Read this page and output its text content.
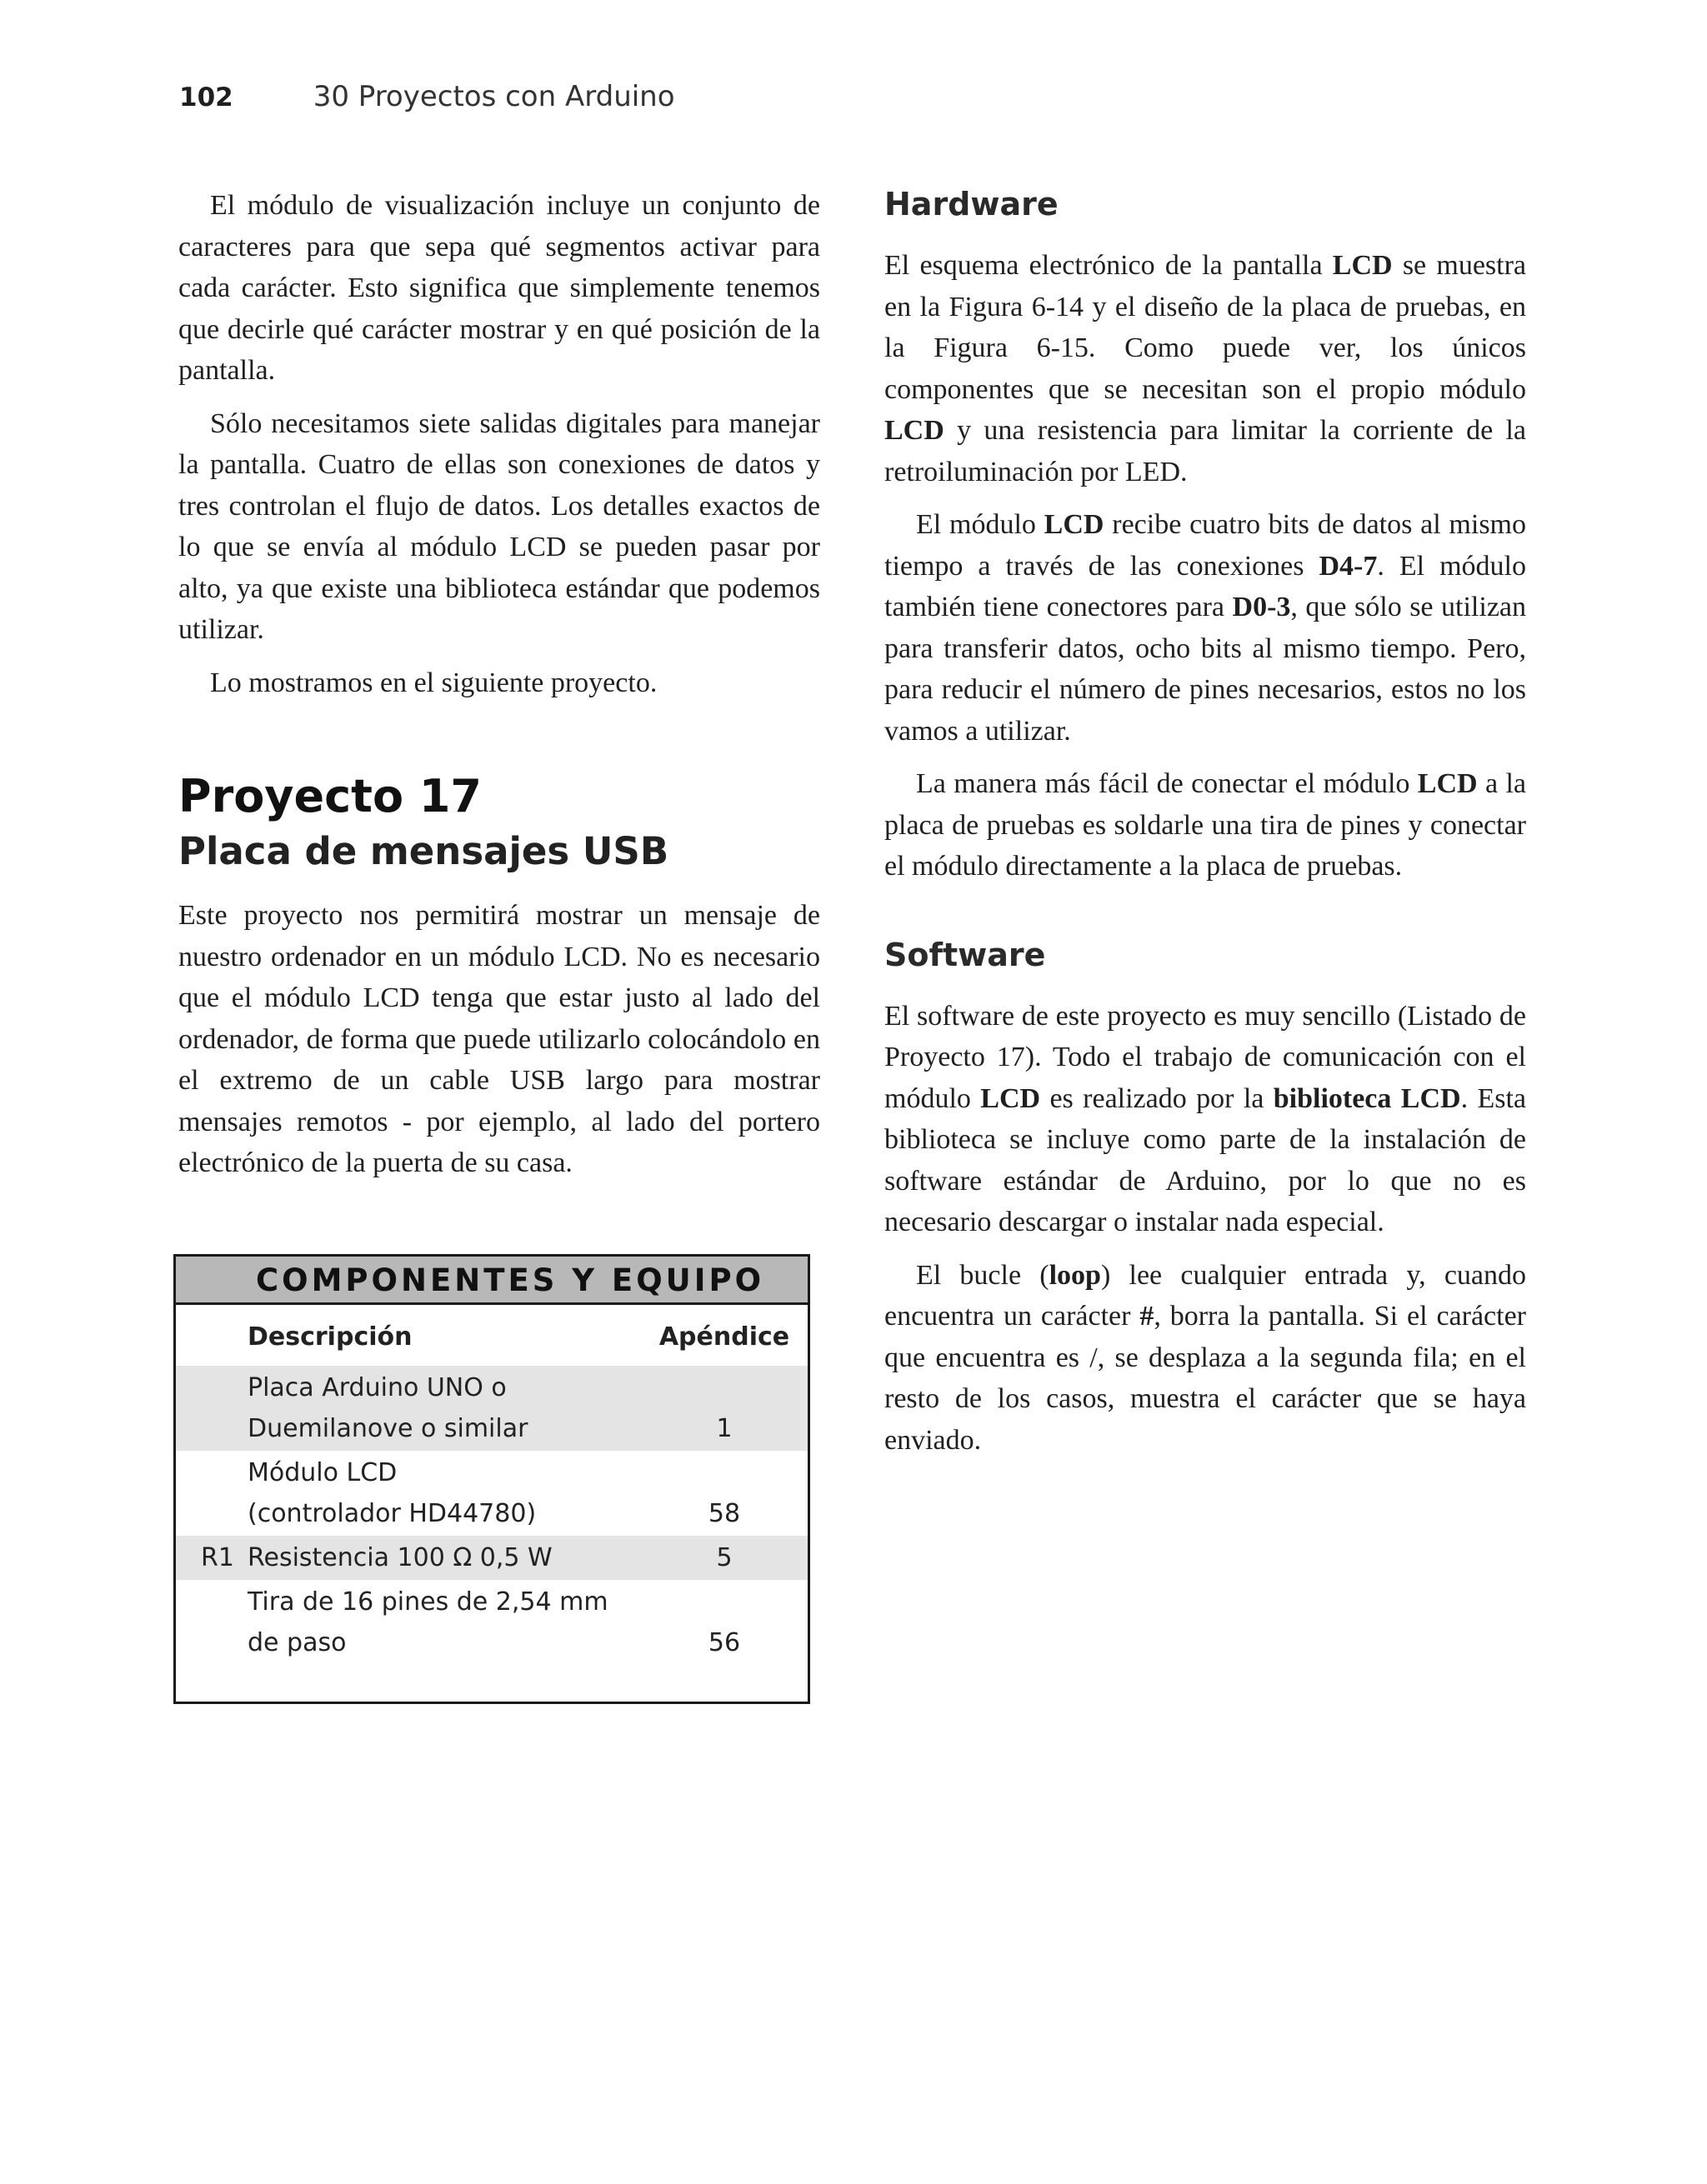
102	30 Proyectos con Arduino

El módulo de visualización incluye un conjunto de caracteres para que sepa qué segmentos activar para cada carácter. Esto significa que simplemente tenemos que decirle qué carácter mostrar y en qué posición de la pantalla.

Sólo necesitamos siete salidas digitales para manejar la pantalla. Cuatro de ellas son conexiones de datos y tres controlan el flujo de datos. Los detalles exactos de lo que se envía al módulo LCD se pueden pasar por alto, ya que existe una biblioteca estándar que podemos utilizar.

Lo mostramos en el siguiente proyecto.

Proyecto 17
Placa de mensajes USB

Este proyecto nos permitirá mostrar un mensaje de nuestro ordenador en un módulo LCD. No es necesario que el módulo LCD tenga que estar justo al lado del ordenador, de forma que puede utilizarlo colocándolo en el extremo de un cable USB largo para mostrar mensajes remotos - por ejemplo, al lado del portero electrónico de la puerta de su casa.

COMPONENTES Y EQUIPO
	Descripción	Apéndice
	Placa Arduino UNO o
Duemilanove o similar	1
	Módulo LCD
(controlador HD44780)	58
R1	Resistencia 100 Ω 0,5 W	5
	Tira de 16 pines de 2,54 mm
de paso	56
Hardware

El esquema electrónico de la pantalla LCD se muestra en la Figura 6-14 y el diseño de la placa de pruebas, en la Figura 6-15. Como puede ver, los únicos componentes que se necesitan son el propio módulo LCD y una resistencia para limitar la corriente de la retroiluminación por LED.

El módulo LCD recibe cuatro bits de datos al mismo tiempo a través de las conexiones D4-7. El módulo también tiene conectores para D0-3, que sólo se utilizan para transferir datos, ocho bits al mismo tiempo. Pero, para reducir el número de pines necesarios, estos no los vamos a utilizar.

La manera más fácil de conectar el módulo LCD a la placa de pruebas es soldarle una tira de pines y conectar el módulo directamente a la placa de pruebas.

Software

El software de este proyecto es muy sencillo (Listado de Proyecto 17). Todo el trabajo de comunicación con el módulo LCD es realizado por la biblioteca LCD. Esta biblioteca se incluye como parte de la instalación de software estándar de Arduino, por lo que no es necesario descargar o instalar nada especial.

El bucle (loop) lee cualquier entrada y, cuando encuentra un carácter #, borra la pantalla. Si el carácter que encuentra es /, se desplaza a la segunda fila; en el resto de los casos, muestra el carácter que se haya enviado.
